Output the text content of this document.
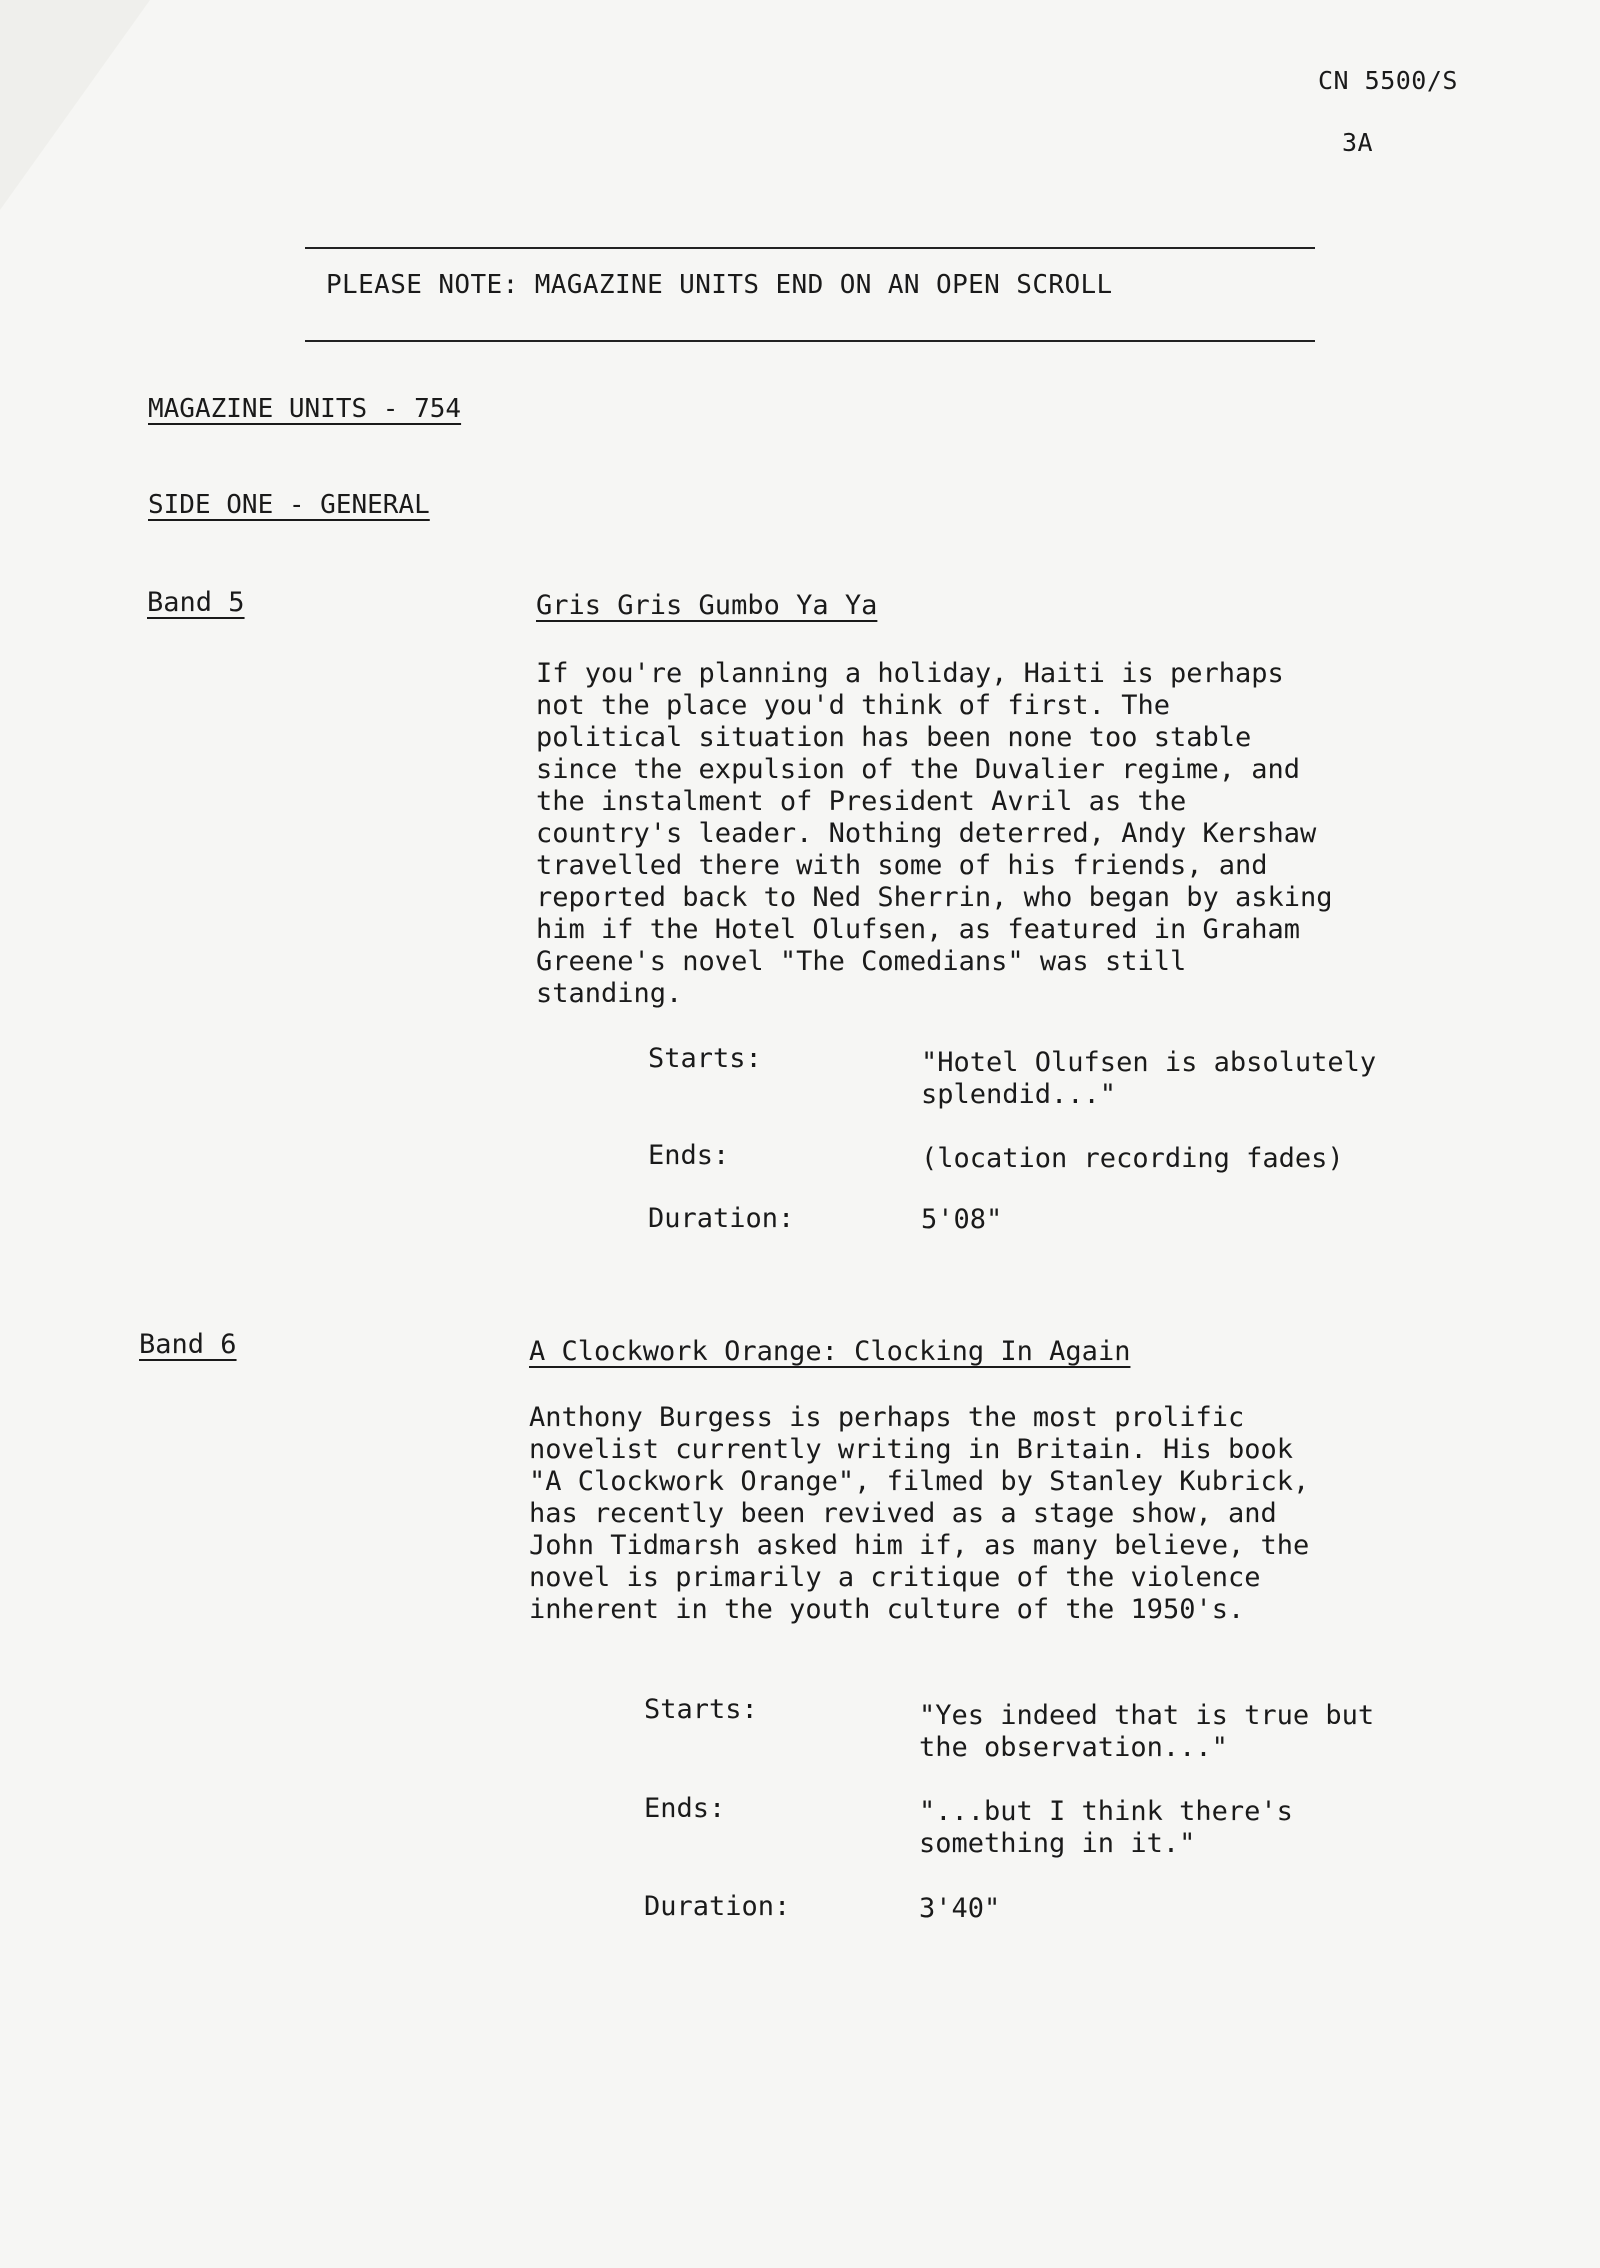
CN 5500/S
3A
PLEASE NOTE: MAGAZINE UNITS END ON AN OPEN SCROLL
MAGAZINE UNITS - 754
SIDE ONE - GENERAL
Band 5	Gris Gris Gumbo Ya Ya
If you're planning a holiday, Haiti is perhaps
not the place you'd think of first. The
political situation has been none too stable
since the expulsion of the Duvalier regime, and
the instalment of President Avril as the
country's leader. Nothing deterred, Andy Kershaw
travelled there with some of his friends, and
reported back to Ned Sherrin, who began by asking
him if the Hotel Olufsen, as featured in Graham
Greene's novel "The Comedians" was still
standing.
Starts:	"Hotel Olufsen is absolutely
splendid..."
Ends:	(location recording fades)
Duration:	5'08"
Band 6	A Clockwork Orange: Clocking In Again
Anthony Burgess is perhaps the most prolific
novelist currently writing in Britain. His book
"A Clockwork Orange", filmed by Stanley Kubrick,
has recently been revived as a stage show, and
John Tidmarsh asked him if, as many believe, the
novel is primarily a critique of the violence
inherent in the youth culture of the 1950's.
Starts:	"Yes indeed that is true but
the observation..."
Ends:	"...but I think there's
something in it."
Duration:	3'40"
